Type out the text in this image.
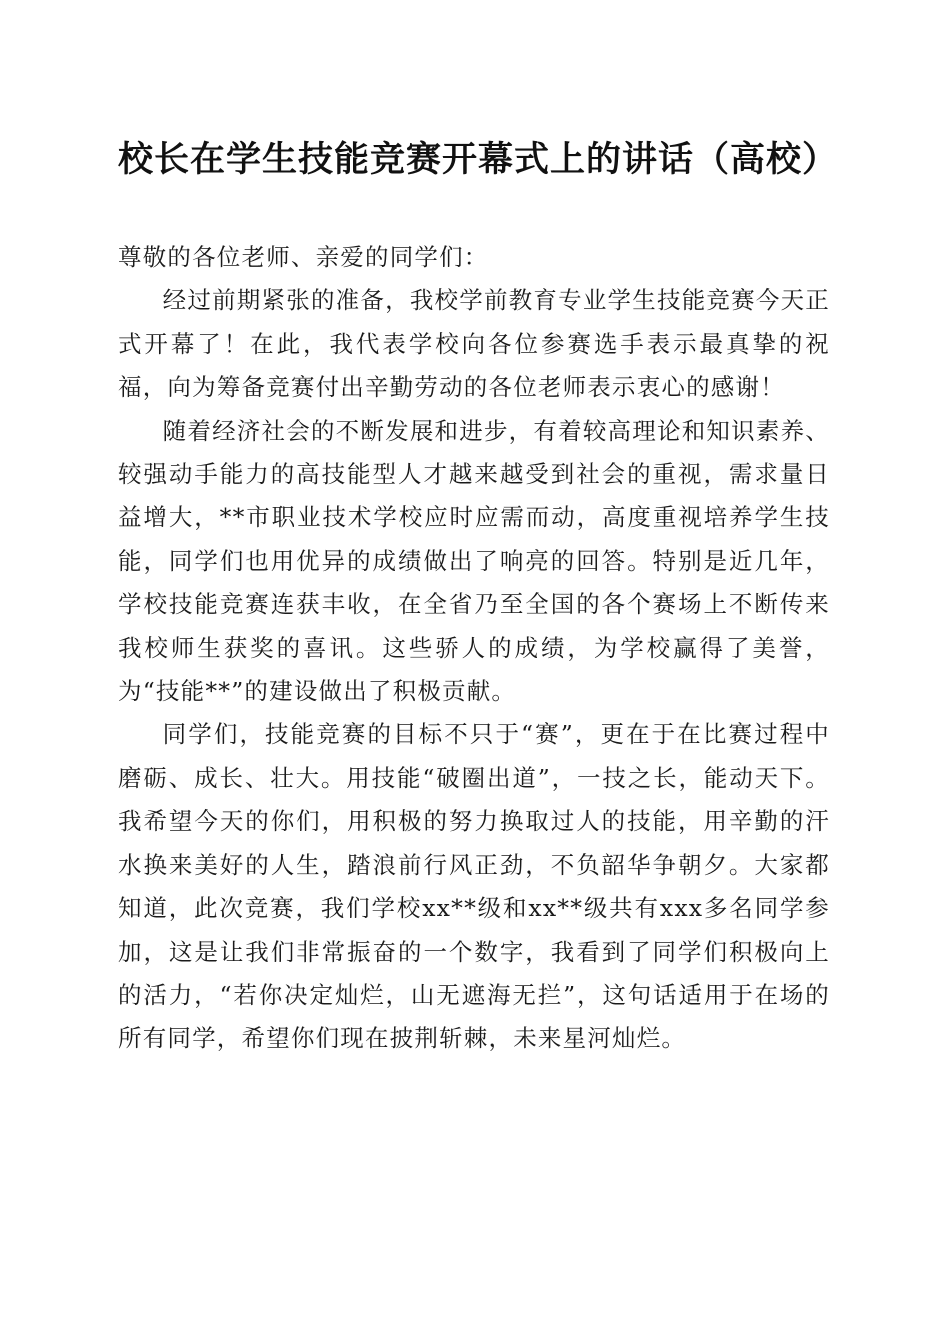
校长在学生技能竞赛开幕式上的讲话（高校）

尊敬的各位老师、亲爱的同学们：

经过前期紧张的准备，我校学前教育专业学生技能竞赛今天正式开幕了！在此，我代表学校向各位参赛选手表示最真挚的祝福，向为筹备竞赛付出辛勤劳动的各位老师表示衷心的感谢！

随着经济社会的不断发展和进步，有着较高理论和知识素养、较强动手能力的高技能型人才越来越受到社会的重视，需求量日益增大，**市职业技术学校应时应需而动，高度重视培养学生技能，同学们也用优异的成绩做出了响亮的回答。特别是近几年，学校技能竞赛连获丰收，在全省乃至全国的各个赛场上不断传来我校师生获奖的喜讯。这些骄人的成绩，为学校赢得了美誉，为“技能**”的建设做出了积极贡献。

同学们，技能竞赛的目标不只于“赛”，更在于在比赛过程中磨砺、成长、壮大。用技能“破圈出道”，一技之长，能动天下。我希望今天的你们，用积极的努力换取过人的技能，用辛勤的汗水换来美好的人生，踏浪前行风正劲，不负韶华争朝夕。大家都知道，此次竞赛，我们学校xx**级和xx**级共有xxx多名同学参加，这是让我们非常振奋的一个数字，我看到了同学们积极向上的活力，“若你决定灿烂，山无遮海无拦”，这句话适用于在场的所有同学，希望你们现在披荆斩棘，未来星河灿烂。
